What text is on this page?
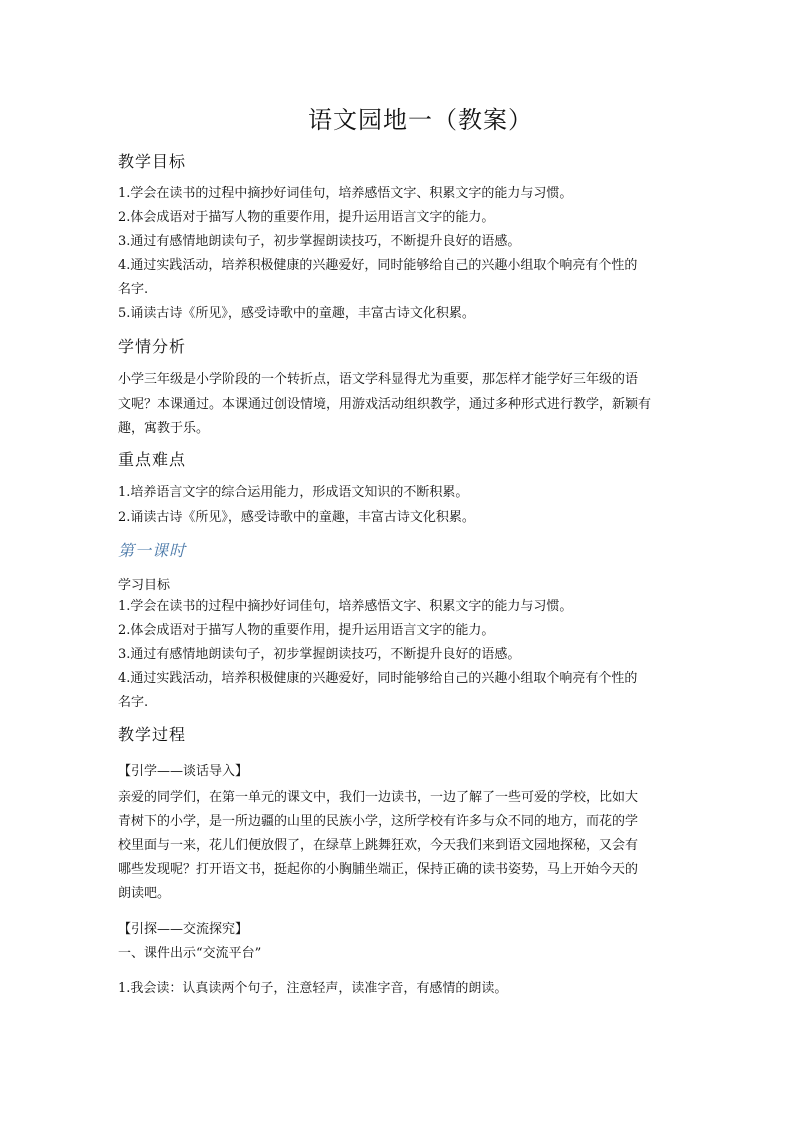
语文园地一（教案）
教学目标
1.学会在读书的过程中摘抄好词佳句，培养感悟文字、积累文字的能力与习惯。
2.体会成语对于描写人物的重要作用，提升运用语言文字的能力。
3.通过有感情地朗读句子，初步掌握朗读技巧，不断提升良好的语感。
4.通过实践活动，培养积极健康的兴趣爱好，同时能够给自己的兴趣小组取个响亮有个性的
名字.
5.诵读古诗《所见》，感受诗歌中的童趣，丰富古诗文化积累。
学情分析
小学三年级是小学阶段的一个转折点，语文学科显得尤为重要，那怎样才能学好三年级的语
文呢？本课通过。本课通过创设情境，用游戏活动组织教学，通过多种形式进行教学，新颖有
趣，寓教于乐。
重点难点
1.培养语言文字的综合运用能力，形成语文知识的不断积累。
2.诵读古诗《所见》，感受诗歌中的童趣，丰富古诗文化积累。
第一课时
学习目标
1.学会在读书的过程中摘抄好词佳句，培养感悟文字、积累文字的能力与习惯。
2.体会成语对于描写人物的重要作用，提升运用语言文字的能力。
3.通过有感情地朗读句子，初步掌握朗读技巧，不断提升良好的语感。
4.通过实践活动，培养积极健康的兴趣爱好，同时能够给自己的兴趣小组取个响亮有个性的
名字.
教学过程
【引学——谈话导入】
亲爱的同学们，在第一单元的课文中，我们一边读书，一边了解了一些可爱的学校，比如大
青树下的小学，是一所边疆的山里的民族小学，这所学校有许多与众不同的地方，而花的学
校里面与一来，花儿们便放假了，在绿草上跳舞狂欢，今天我们来到语文园地探秘，又会有
哪些发现呢？打开语文书，挺起你的小胸脯坐端正，保持正确的读书姿势，马上开始今天的
朗读吧。
【引探——交流探究】
一、课件出示“交流平台”
1.我会读：认真读两个句子，注意轻声，读准字音，有感情的朗读。
